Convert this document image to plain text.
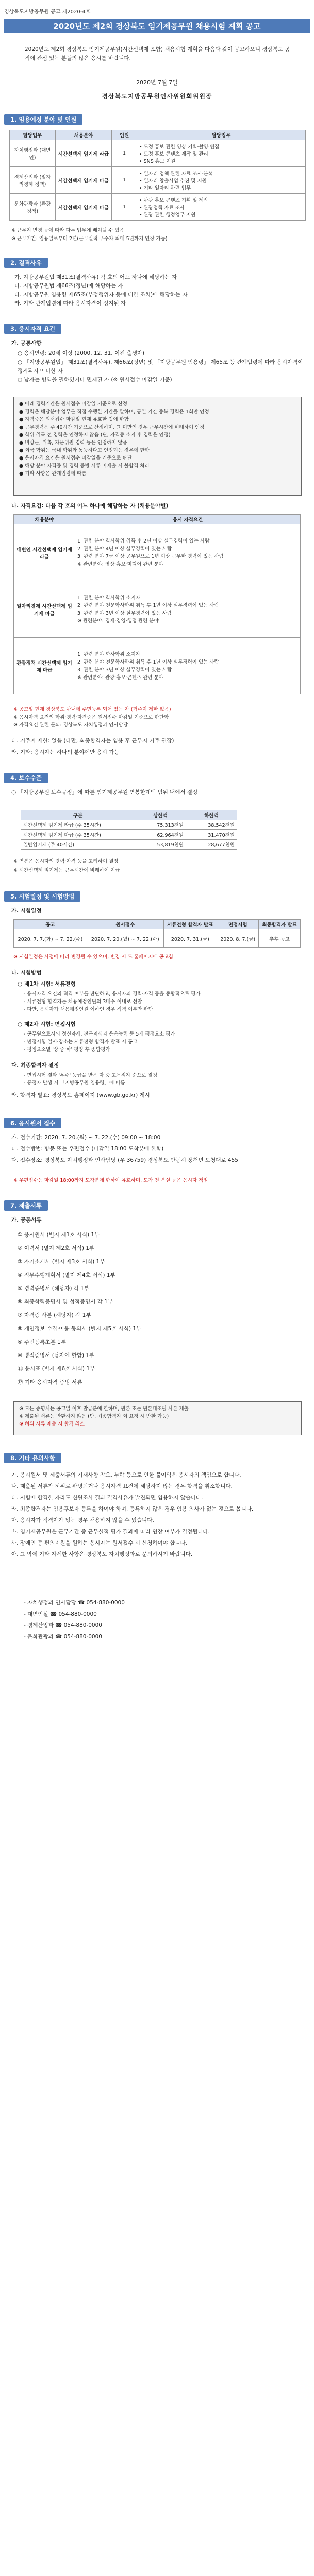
경상북도지방공무원 공고 제2020-4호
2020년도 제2회 경상북도 임기제공무원 채용시험 계획 공고
2020년도 제2회 경상북도 임기제공무원(시간선택제 포함) 채용시험 계획을 다음과 같이 공고하오니 경상북도 공직에 관심 있는 분들의 많은 응시를 바랍니다.
2020년 7월 7일
경상북도지방공무원인사위원회위원장
1. 임용예정 분야 및 인원
담당업무	채용분야	인원	담당업무
자치행정과 (대변인)	시간선택제 임기제 라급	1	• 도정 홍보 관련 영상 기획·촬영·편집
• 도정 홍보 콘텐츠 제작 및 관리
• SNS 홍보 지원
경제산업과 (일자리경제 정책)	시간선택제 임기제 마급	1	• 일자리 정책 관련 자료 조사·분석
• 일자리 창출사업 추진 및 지원
• 기타 일자리 관련 업무
문화관광과 (관광정책)	시간선택제 임기제 마급	1	• 관광 홍보 콘텐츠 기획 및 제작
• 관광정책 자료 조사
• 관광 관련 행정업무 지원
※ 근무지 변경 등에 따라 다른 업무에 배치될 수 있음
※ 근무기간: 임용일로부터 2년(근무실적 우수자 최대 5년까지 연장 가능)
2. 결격사유
가. 지방공무원법 제31조(결격사유) 각 호의 어느 하나에 해당하는 자
나. 지방공무원법 제66조(정년)에 해당하는 자
다. 지방공무원 임용령 제65조(부정행위자 등에 대한 조치)에 해당하는 자
라. 기타 관계법령에 따라 응시자격이 정지된 자
3. 응시자격 요건
가. 공통사항
○ 응시연령: 20세 이상 (2000. 12. 31. 이전 출생자)
○ 「지방공무원법」 제31조(결격사유), 제66조(정년) 및 「지방공무원 임용령」 제65조 등 관계법령에 따라 응시자격이 정지되지 아니한 자
○ 남자는 병역을 필하였거나 면제된 자 (※ 원서접수 마감일 기준)
● 아래 경력기간은 원서접수 마감일 기준으로 산정
● 경력은 해당분야 업무를 직접 수행한 기간을 말하며, 동일 기간 중복 경력은 1회만 인정
● 자격증은 원서접수 마감일 현재 유효한 것에 한함
● 근무경력은 주 40시간 기준으로 산정하며, 그 미만인 경우 근무시간에 비례하여 인정
● 학위 취득 전 경력은 인정하지 않음 (단, 자격증 소지 후 경력은 인정)
● 비상근, 위촉, 자문위원 경력 등은 인정하지 않음
● 외국 학위는 국내 학위와 동등하다고 인정되는 경우에 한함
● 응시자격 요건은 원서접수 마감일을 기준으로 판단
● 해당 분야 자격증 및 경력 증빙 서류 미제출 시 불합격 처리
● 기타 사항은 관계법령에 따름
나. 자격요건: 다음 각 호의 어느 하나에 해당하는 자 (채용분야별)
채용분야	응시 자격요건
대변인 시간선택제 임기제 라급	1. 관련 분야 학사학위 취득 후 2년 이상 실무경력이 있는 사람
2. 관련 분야 4년 이상 실무경력이 있는 사람
3. 관련 분야 7급 이상 공무원으로 1년 이상 근무한 경력이 있는 사람
※ 관련분야: 영상·홍보·미디어 관련 분야
일자리경제 시간선택제 임기제 마급	1. 관련 분야 학사학위 소지자
2. 관련 분야 전문학사학위 취득 후 1년 이상 실무경력이 있는 사람
3. 관련 분야 3년 이상 실무경력이 있는 사람
※ 관련분야: 경제·경영·행정 관련 분야
관광정책 시간선택제 임기제 마급	1. 관련 분야 학사학위 소지자
2. 관련 분야 전문학사학위 취득 후 1년 이상 실무경력이 있는 사람
3. 관련 분야 3년 이상 실무경력이 있는 사람
※ 관련분야: 관광·홍보·콘텐츠 관련 분야
※ 공고일 현재 경상북도 관내에 주민등록 되어 있는 자 (거주지 제한 없음)
※ 응시자격 요건의 학위·경력·자격증은 원서접수 마감일 기준으로 판단함
※ 자격요건 관련 문의: 경상북도 자치행정과 인사담당
다. 거주지 제한: 없음 (다만, 최종합격자는 임용 후 근무지 거주 권장)
라. 기타: 응시자는 하나의 분야에만 응시 가능
4. 보수수준
○ 「지방공무원 보수규정」에 따른 임기제공무원 연봉한계액 범위 내에서 결정
구분	상한액	하한액
시간선택제 임기제 라급 (주 35시간)	75,313천원	38,542천원
시간선택제 임기제 마급 (주 35시간)	62,964천원	31,470천원
일반임기제 (주 40시간)	53,819천원	28,677천원
※ 연봉은 응시자의 경력·자격 등을 고려하여 결정
※ 시간선택제 임기제는 근무시간에 비례하여 지급
5. 시험일정 및 시험방법
가. 시험일정
공고	원서접수	서류전형 합격자 발표	면접시험	최종합격자 발표
2020. 7. 7.(화) ~ 7. 22.(수)	2020. 7. 20.(월) ~ 7. 22.(수)	2020. 7. 31.(금)	2020. 8. 7.(금)	추후 공고
※ 시험일정은 사정에 따라 변경될 수 있으며, 변경 시 도 홈페이지에 공고함
나. 시험방법
○ 제1차 시험: 서류전형
- 응시자격 요건의 적격 여부를 판단하고, 응시자의 경력·자격 등을 종합적으로 평가
- 서류전형 합격자는 채용예정인원의 3배수 이내로 선발
- 다만, 응시자가 채용예정인원 이하인 경우 적격 여부만 판단
○ 제2차 시험: 면접시험
- 공무원으로서의 정신자세, 전문지식과 응용능력 등 5개 평정요소 평가
- 면접시험 일시·장소는 서류전형 합격자 발표 시 공고
- 평정요소별 '상·중·하' 평정 후 종합평가
다. 최종합격자 결정
- 면접시험 결과 '우수' 등급을 받은 자 중 고득점자 순으로 결정
- 동점자 발생 시 「지방공무원 임용령」에 따름
라. 합격자 발표: 경상북도 홈페이지 (www.gb.go.kr) 게시
6. 응시원서 접수
가. 접수기간: 2020. 7. 20.(월) ~ 7. 22.(수) 09:00 ~ 18:00
나. 접수방법: 방문 또는 우편접수 (마감일 18:00 도착분에 한함)
다. 접수장소: 경상북도 자치행정과 인사담당 (우 36759) 경상북도 안동시 풍천면 도청대로 455
※ 우편접수는 마감일 18:00까지 도착분에 한하여 유효하며, 도착 전 분실 등은 응시자 책임
7. 제출서류
가. 공통서류
① 응시원서 (별지 제1호 서식) 1부
② 이력서 (별지 제2호 서식) 1부
③ 자기소개서 (별지 제3호 서식) 1부
④ 직무수행계획서 (별지 제4호 서식) 1부
⑤ 경력증명서 (해당자) 각 1부
⑥ 최종학력증명서 및 성적증명서 각 1부
⑦ 자격증 사본 (해당자) 각 1부
⑧ 개인정보 수집·이용 동의서 (별지 제5호 서식) 1부
⑨ 주민등록초본 1부
⑩ 병적증명서 (남자에 한함) 1부
⑪ 응시표 (별지 제6호 서식) 1부
⑫ 기타 응시자격 증빙 서류
※ 모든 증명서는 공고일 이후 발급분에 한하며, 원본 또는 원본대조필 사본 제출
※ 제출된 서류는 반환하지 않음 (단, 최종합격자 외 요청 시 반환 가능)
※ 허위 서류 제출 시 합격 취소
8. 기타 유의사항
가. 응시원서 및 제출서류의 기재사항 착오, 누락 등으로 인한 불이익은 응시자의 책임으로 합니다.
나. 제출된 서류가 허위로 판명되거나 응시자격 요건에 해당하지 않는 경우 합격을 취소합니다.
다. 시험에 합격한 자라도 신원조사 결과 결격사유가 발견되면 임용하지 않습니다.
라. 최종합격자는 임용후보자 등록을 하여야 하며, 등록하지 않은 경우 임용 의사가 없는 것으로 봅니다.
마. 응시자가 적격자가 없는 경우 채용하지 않을 수 있습니다.
바. 임기제공무원은 근무기간 중 근무실적 평가 결과에 따라 연장 여부가 결정됩니다.
사. 장애인 등 편의지원을 원하는 응시자는 원서접수 시 신청하여야 합니다.
아. 그 밖에 기타 자세한 사항은 경상북도 자치행정과로 문의하시기 바랍니다.
- 자치행정과 인사담당 ☎ 054-880-0000
- 대변인실 ☎ 054-880-0000
- 경제산업과 ☎ 054-880-0000
- 문화관광과 ☎ 054-880-0000
